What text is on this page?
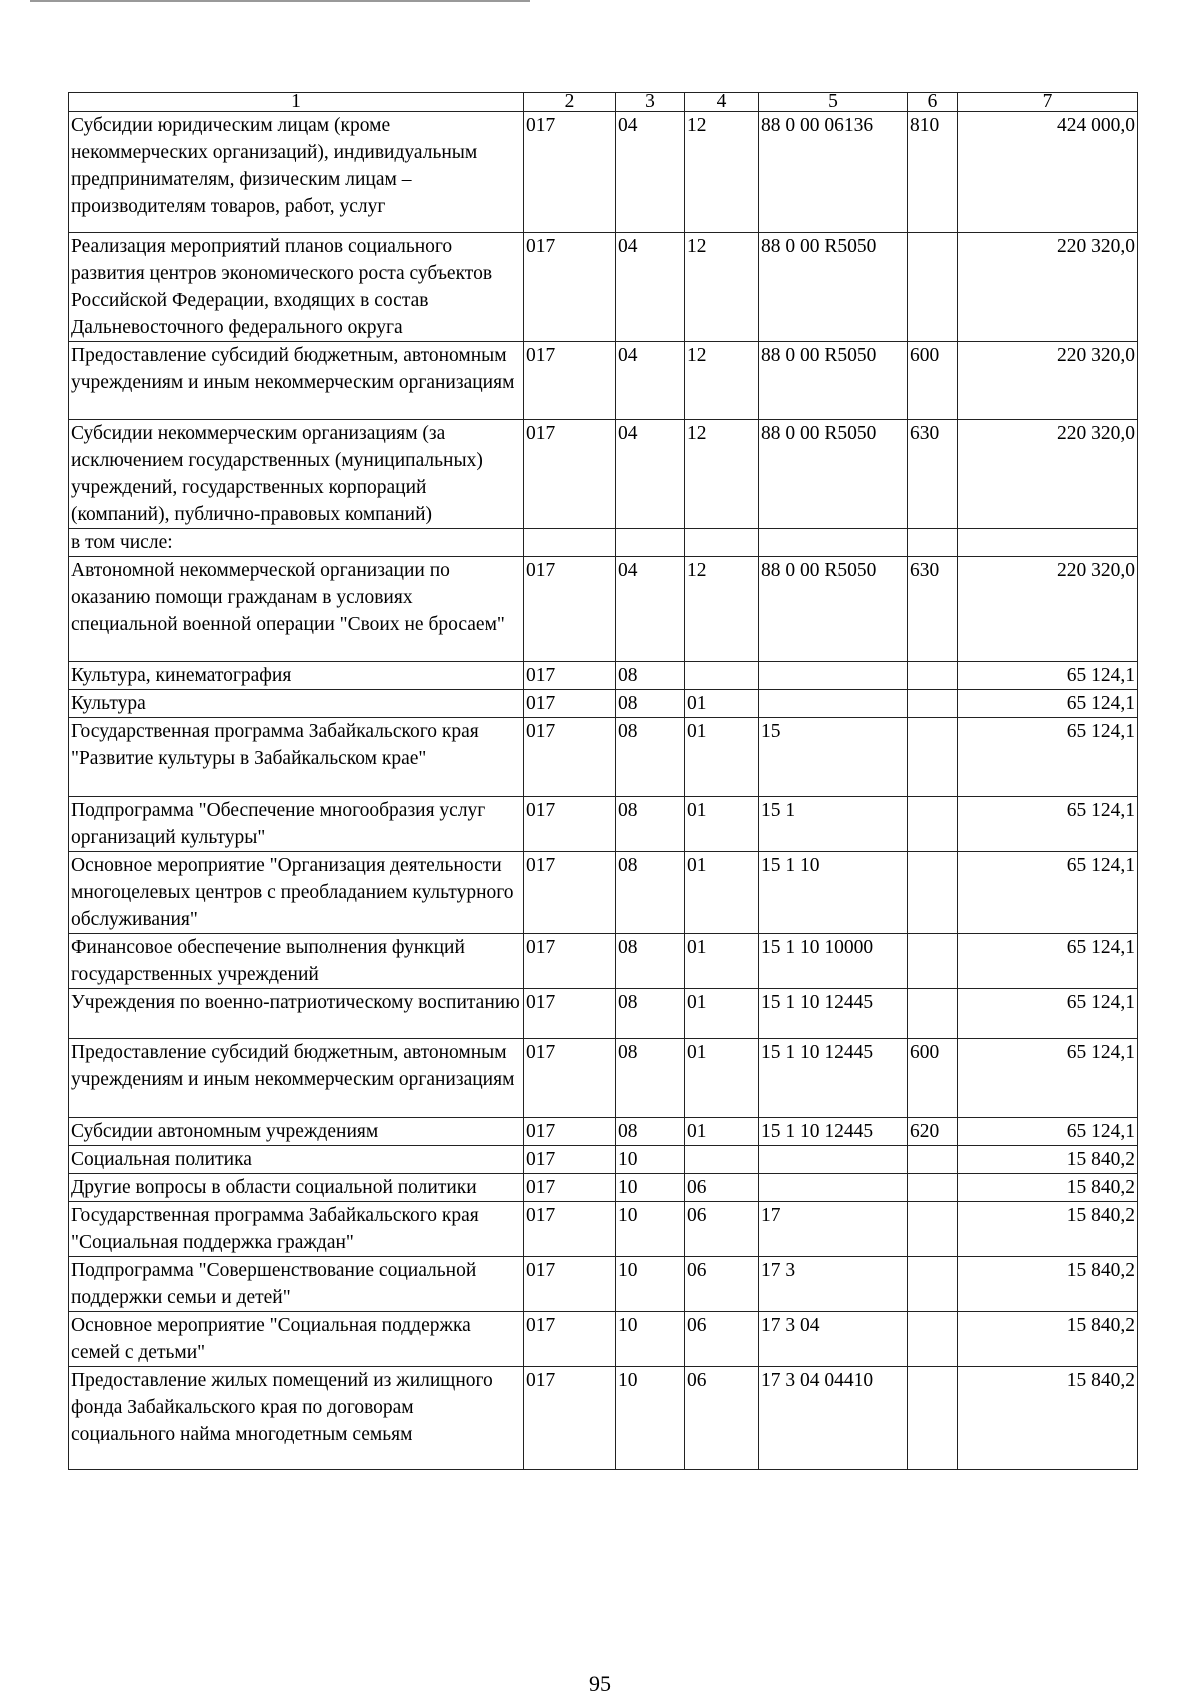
1	2	3	4	5	6	7
Субсидии юридическим лицам (кроме некоммерческих организаций), индивидуальным предпринимателям, физическим лицам – производителям товаров, работ, услуг	017	04	12	88 0 00 06136	810	424 000,0
Реализация мероприятий планов социального развития центров экономического роста субъектов Российской Федерации, входящих в состав Дальневосточного федерального округа	017	04	12	88 0 00 R5050		220 320,0
Предоставление субсидий бюджетным, автономным учреждениям и иным некоммерческим организациям	017	04	12	88 0 00 R5050	600	220 320,0
Субсидии некоммерческим организациям (за исключением государственных (муниципальных) учреждений, государственных корпораций (компаний), публично-правовых компаний)	017	04	12	88 0 00 R5050	630	220 320,0
в том числе:						
Автономной некоммерческой организации по оказанию помощи гражданам в условиях специальной военной операции "Своих не бросаем"	017	04	12	88 0 00 R5050	630	220 320,0
Культура, кинематография	017	08				65 124,1
Культура	017	08	01			65 124,1
Государственная программа Забайкальского края "Развитие культуры в Забайкальском крае"	017	08	01	15		65 124,1
Подпрограмма "Обеспечение многообразия услуг организаций культуры"	017	08	01	15 1		65 124,1
Основное мероприятие "Организация деятельности многоцелевых центров с преобладанием культурного обслуживания"	017	08	01	15 1 10		65 124,1
Финансовое обеспечение выполнения функций государственных учреждений	017	08	01	15 1 10 10000		65 124,1
Учреждения по военно-патриотическому воспитанию	017	08	01	15 1 10 12445		65 124,1
Предоставление субсидий бюджетным, автономным учреждениям и иным некоммерческим организациям	017	08	01	15 1 10 12445	600	65 124,1
Субсидии автономным учреждениям	017	08	01	15 1 10 12445	620	65 124,1
Социальная политика	017	10				15 840,2
Другие вопросы в области социальной политики	017	10	06			15 840,2
Государственная программа Забайкальского края "Социальная поддержка граждан"	017	10	06	17		15 840,2
Подпрограмма "Совершенствование социальной поддержки семьи и детей"	017	10	06	17 3		15 840,2
Основное мероприятие "Социальная поддержка семей с детьми"	017	10	06	17 3 04		15 840,2
Предоставление жилых помещений из жилищного фонда Забайкальского края по договорам социального найма многодетным семьям	017	10	06	17 3 04 04410		15 840,2
95
